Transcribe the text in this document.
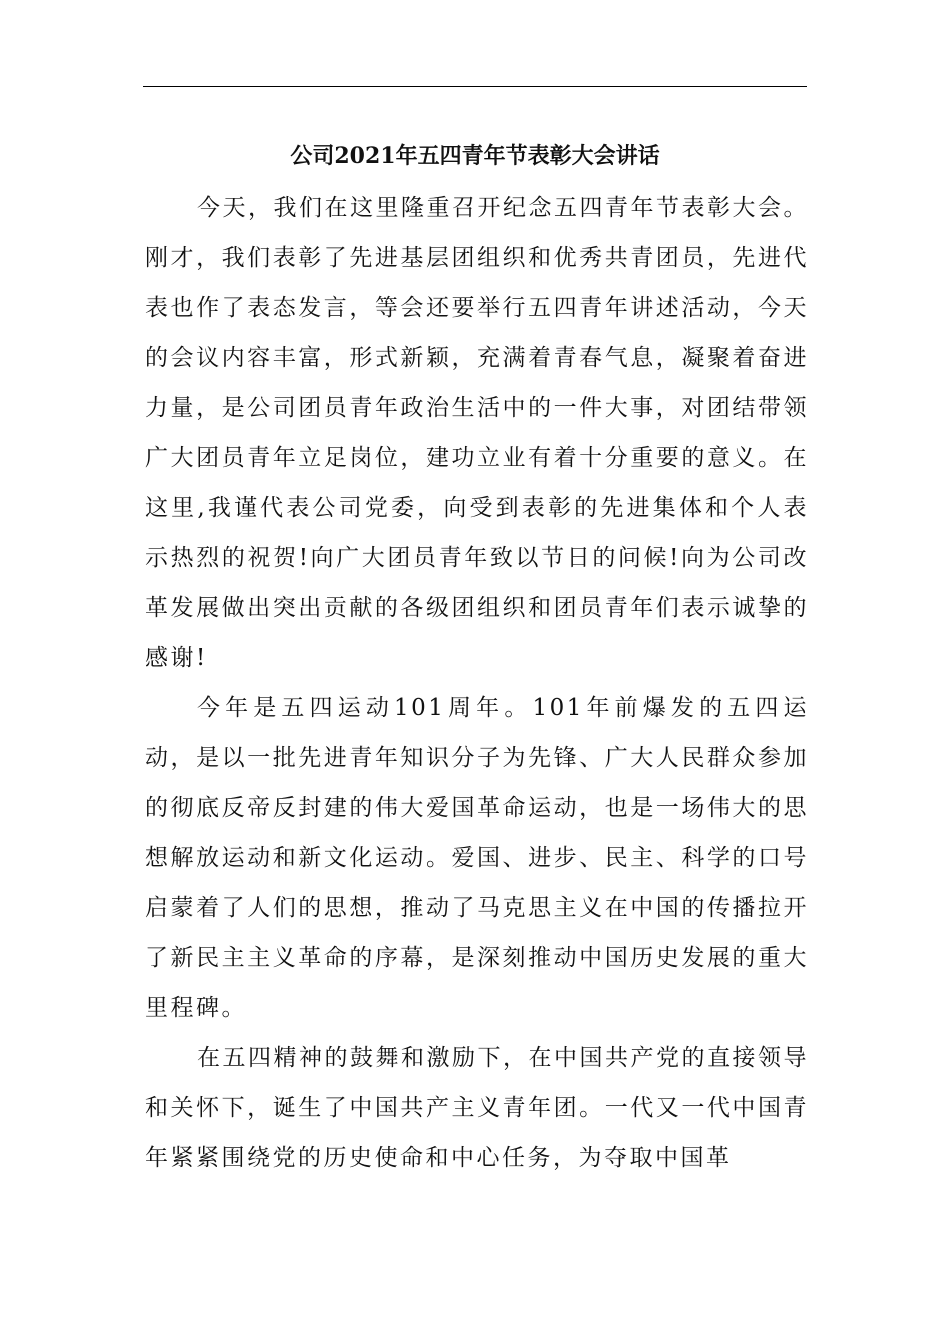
公司2021年五四青年节表彰大会讲话

今天，我们在这里隆重召开纪念五四青年节表彰大会。刚才，我们表彰了先进基层团组织和优秀共青团员，先进代表也作了表态发言，等会还要举行五四青年讲述活动，今天的会议内容丰富，形式新颖，充满着青春气息，凝聚着奋进力量，是公司团员青年政治生活中的一件大事，对团结带领广大团员青年立足岗位，建功立业有着十分重要的意义。在这里,我谨代表公司党委，向受到表彰的先进集体和个人表示热烈的祝贺!向广大团员青年致以节日的问候!向为公司改革发展做出突出贡献的各级团组织和团员青年们表示诚挚的感谢!

今年是五四运动101周年。101年前爆发的五四运动，是以一批先进青年知识分子为先锋、广大人民群众参加的彻底反帝反封建的伟大爱国革命运动，也是一场伟大的思想解放运动和新文化运动。爱国、进步、民主、科学的口号启蒙着了人们的思想，推动了马克思主义在中国的传播拉开了新民主主义革命的序幕，是深刻推动中国历史发展的重大里程碑。

在五四精神的鼓舞和激励下，在中国共产党的直接领导和关怀下，诞生了中国共产主义青年团。一代又一代中国青年紧紧围绕党的历史使命和中心任务，为夺取中国革
